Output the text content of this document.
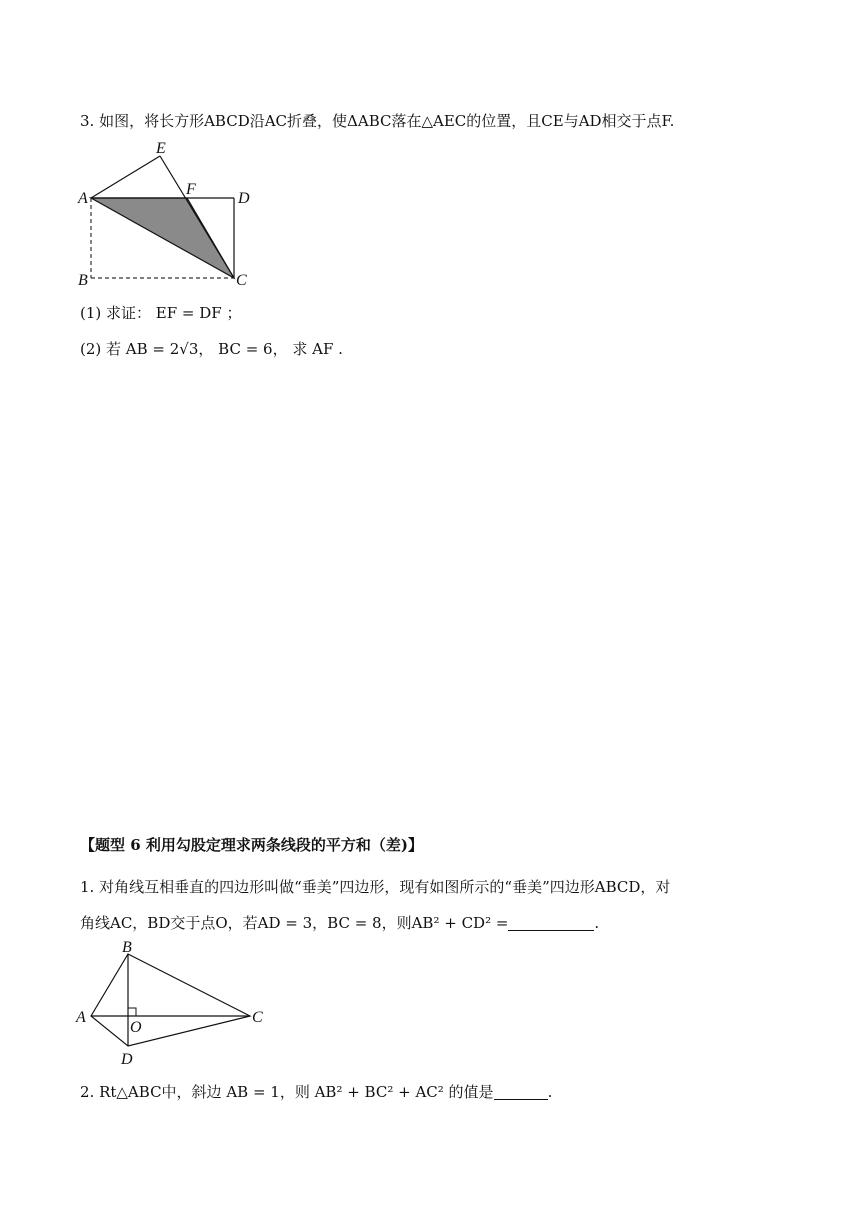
3. 如图，将长方形ABCD沿AC折叠，使ΔABC落在△AEC的位置，且CE与AD相交于点F.
E
A
F
D
B	C
(1) 求证： EF = DF ；
(2) 若 AB = 2√3， BC = 6， 求 AF .
【题型 6 利用勾股定理求两条线段的平方和（差)】
1. 对角线互相垂直的四边形叫做“垂美”四边形，现有如图所示的“垂美”四边形ABCD，对
角线AC，BD交于点O，若AD = 3，BC = 8，则AB² + CD² =	.
B
A
O
C
D
2. Rt△ABC中，斜边 AB = 1，则 AB² + BC² + AC² 的值是	.
